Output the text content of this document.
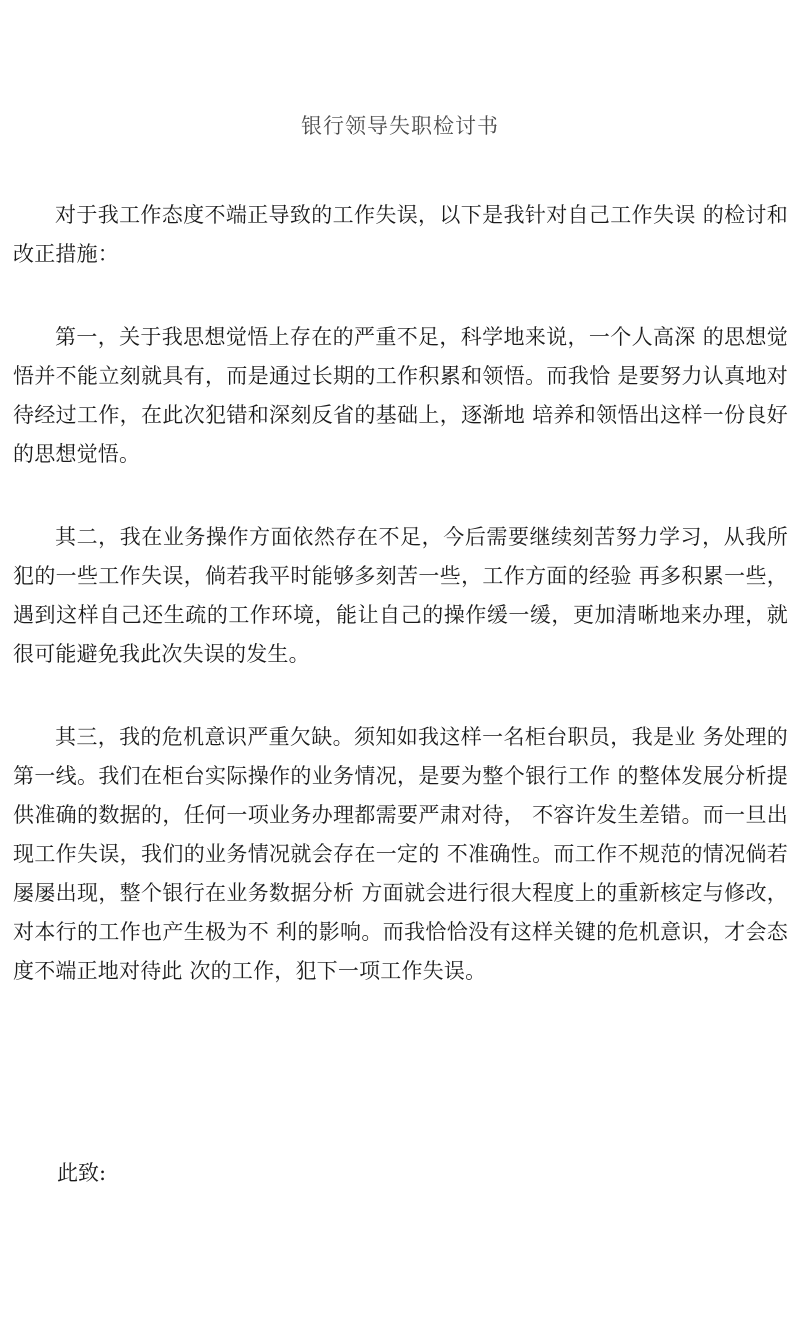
银行领导失职检讨书

对于我工作态度不端正导致的工作失误，以下是我针对自己工作失误 的检讨和改正措施：

第一，关于我思想觉悟上存在的严重不足，科学地来说，一个人高深 的思想觉悟并不能立刻就具有，而是通过长期的工作积累和领悟。而我恰 是要努力认真地对待经过工作，在此次犯错和深刻反省的基础上，逐渐地 培养和领悟出这样一份良好的思想觉悟。

其二，我在业务操作方面依然存在不足，今后需要继续刻苦努力学习，从我所犯的一些工作失误，倘若我平时能够多刻苦一些，工作方面的经验 再多积累一些，遇到这样自己还生疏的工作环境，能让自己的操作缓一缓，更加清晰地来办理，就很可能避免我此次失误的发生。

其三，我的危机意识严重欠缺。须知如我这样一名柜台职员，我是业 务处理的第一线。我们在柜台实际操作的业务情况，是要为整个银行工作 的整体发展分析提供准确的数据的，任何一项业务办理都需要严肃对待， 不容许发生差错。而一旦出现工作失误，我们的业务情况就会存在一定的 不准确性。而工作不规范的情况倘若屡屡出现，整个银行在业务数据分析 方面就会进行很大程度上的重新核定与修改，对本行的工作也产生极为不 利的影响。而我恰恰没有这样关键的危机意识，才会态度不端正地对待此 次的工作，犯下一项工作失误。

此致:
